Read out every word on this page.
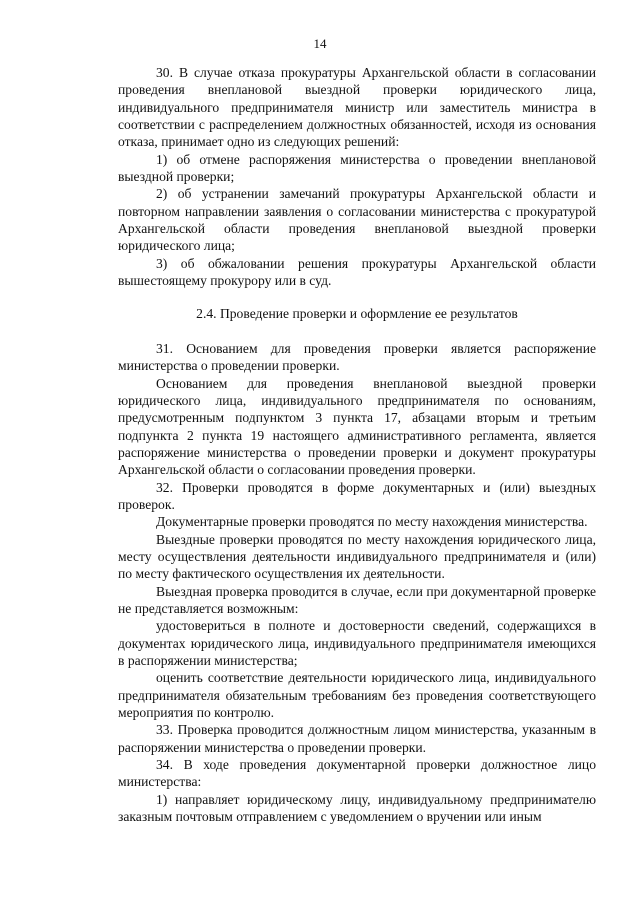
14

30. В случае отказа прокуратуры Архангельской области в согласовании проведения внеплановой выездной проверки юридического лица, индивидуального предпринимателя министр или заместитель министра в соответствии с распределением должностных обязанностей, исходя из основания отказа, принимает одно из следующих решений:

1) об отмене распоряжения министерства о проведении внеплановой выездной проверки;

2) об устранении замечаний прокуратуры Архангельской области и повторном направлении заявления о согласовании министерства с прокуратурой Архангельской области проведения внеплановой выездной проверки юридического лица;

3) об обжаловании решения прокуратуры Архангельской области вышестоящему прокурору или в суд.

2.4. Проведение проверки и оформление ее результатов

31. Основанием для проведения проверки является распоряжение министерства о проведении проверки.

Основанием для проведения внеплановой выездной проверки юридического лица, индивидуального предпринимателя по основаниям, предусмотренным подпунктом 3 пункта 17, абзацами вторым и третьим подпункта 2 пункта 19 настоящего административного регламента, является распоряжение министерства о проведении проверки и документ прокуратуры Архангельской области о согласовании проведения проверки.

32. Проверки проводятся в форме документарных и (или) выездных проверок.

Документарные проверки проводятся по месту нахождения министерства.

Выездные проверки проводятся по месту нахождения юридического лица, месту осуществления деятельности индивидуального предпринимателя и (или) по месту фактического осуществления их деятельности.

Выездная проверка проводится в случае, если при документарной проверке не представляется возможным:

удостовериться в полноте и достоверности сведений, содержащихся в документах юридического лица, индивидуального предпринимателя имеющихся в распоряжении министерства;

оценить соответствие деятельности юридического лица, индивидуального предпринимателя обязательным требованиям без проведения соответствующего мероприятия по контролю.

33. Проверка проводится должностным лицом министерства, указанным в распоряжении министерства о проведении проверки.

34. В ходе проведения документарной проверки должностное лицо министерства:

1) направляет юридическому лицу, индивидуальному предпринимателю заказным почтовым отправлением с уведомлением о вручении или иным
